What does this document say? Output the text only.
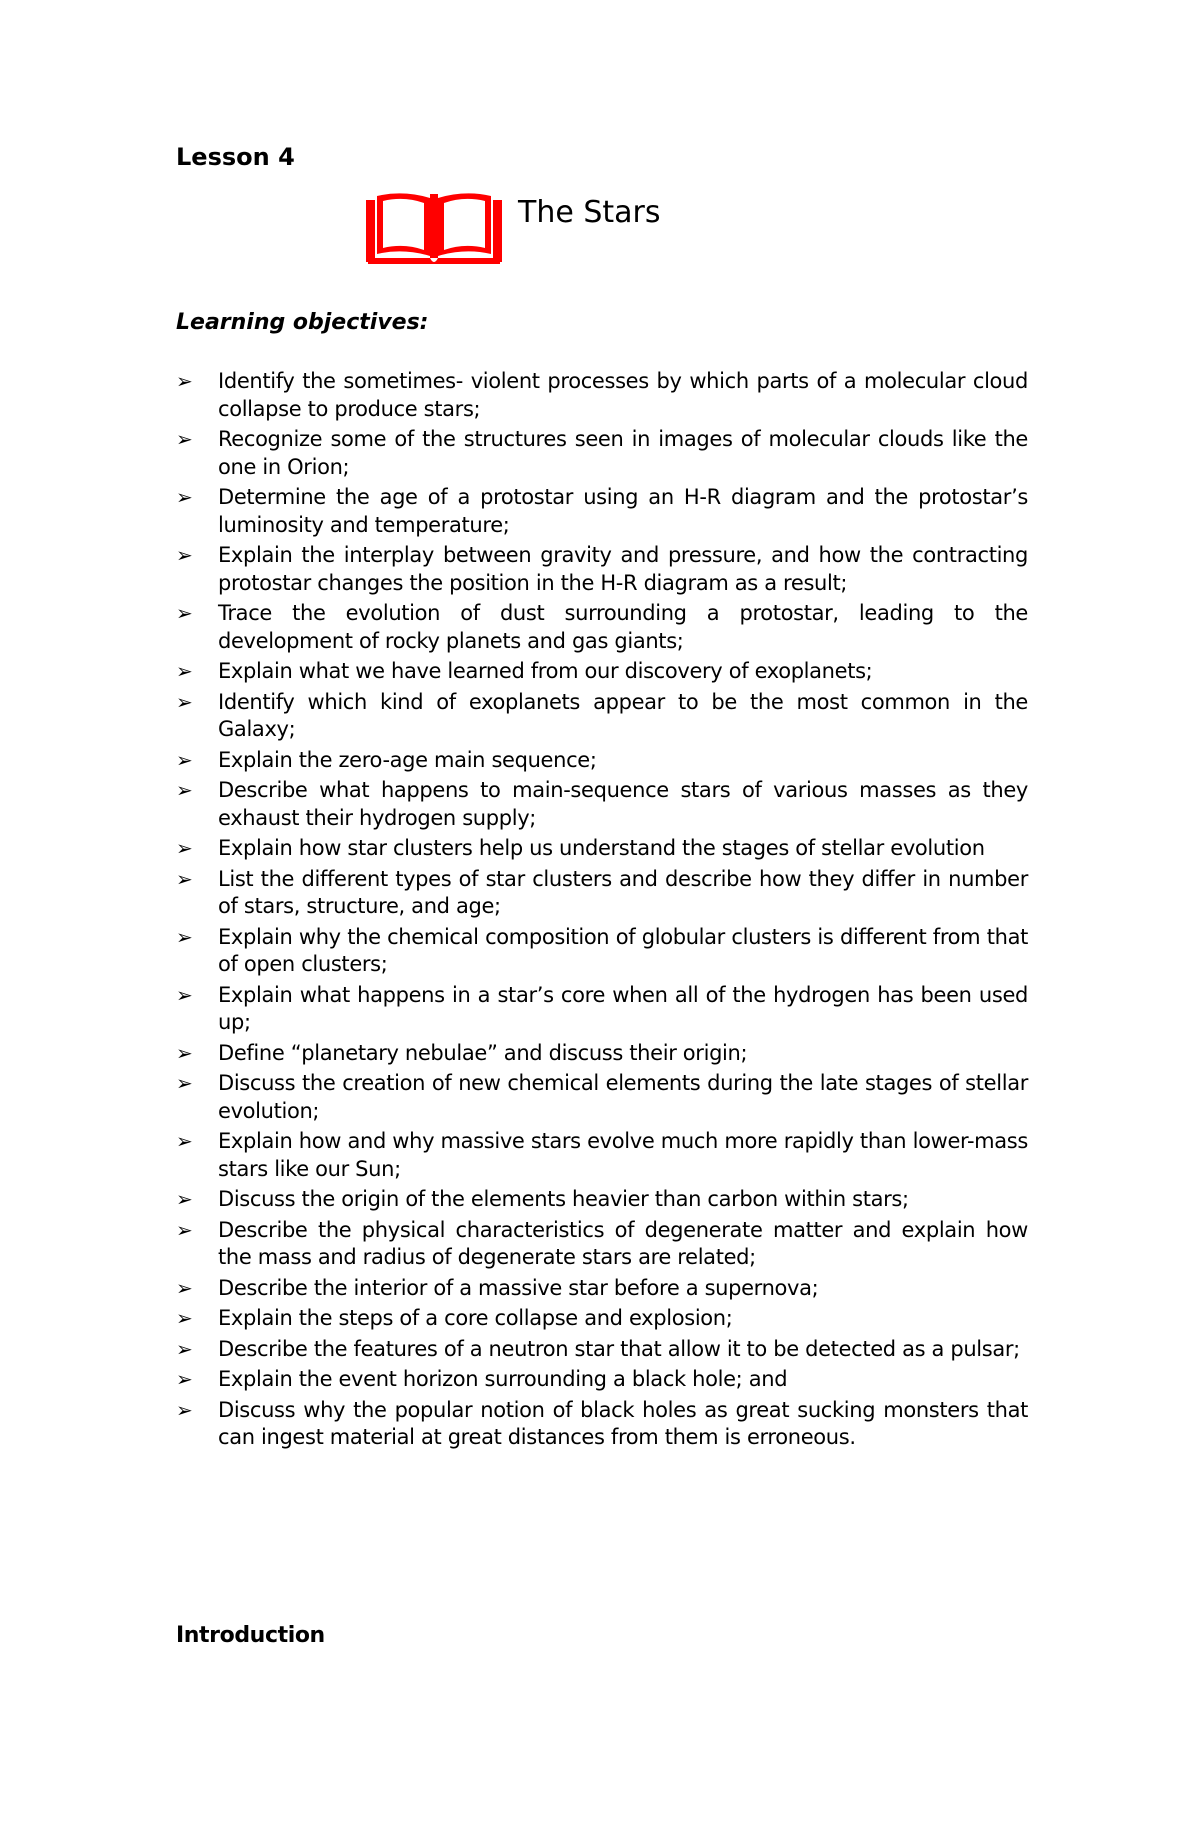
Lesson 4
The Stars
Learning objectives:
➢ Identify the sometimes- violent processes by which parts of a molecular cloud collapse to produce stars;
➢ Recognize some of the structures seen in images of molecular clouds like the one in Orion;
➢ Determine the age of a protostar using an H-R diagram and the protostar’s luminosity and temperature;
➢ Explain the interplay between gravity and pressure, and how the contracting protostar changes the position in the H-R diagram as a result;
➢ Trace the evolution of dust surrounding a protostar, leading to the development of rocky planets and gas giants;
➢ Explain what we have learned from our discovery of exoplanets;
➢ Identify which kind of exoplanets appear to be the most common in the Galaxy;
➢ Explain the zero-age main sequence;
➢ Describe what happens to main-sequence stars of various masses as they exhaust their hydrogen supply;
➢ Explain how star clusters help us understand the stages of stellar evolution
➢ List the different types of star clusters and describe how they differ in number of stars, structure, and age;
➢ Explain why the chemical composition of globular clusters is different from that of open clusters;
➢ Explain what happens in a star’s core when all of the hydrogen has been used up;
➢ Define “planetary nebulae” and discuss their origin;
➢ Discuss the creation of new chemical elements during the late stages of stellar evolution;
➢ Explain how and why massive stars evolve much more rapidly than lower-mass stars like our Sun;
➢ Discuss the origin of the elements heavier than carbon within stars;
➢ Describe the physical characteristics of degenerate matter and explain how the mass and radius of degenerate stars are related;
➢ Describe the interior of a massive star before a supernova;
➢ Explain the steps of a core collapse and explosion;
➢ Describe the features of a neutron star that allow it to be detected as a pulsar;
➢ Explain the event horizon surrounding a black hole; and
➢ Discuss why the popular notion of black holes as great sucking monsters that can ingest material at great distances from them is erroneous.
Introduction
